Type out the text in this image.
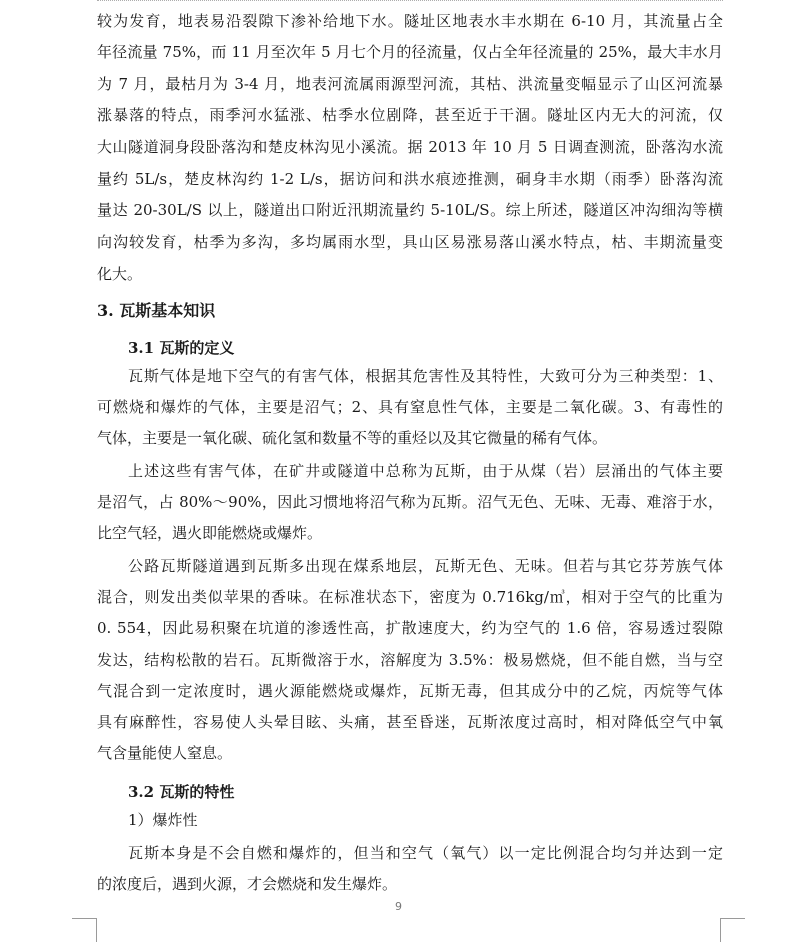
较为发育，地表易沿裂隙下渗补给地下水。隧址区地表水丰水期在 6-10 月，其流量占全
年径流量 75%，而 11 月至次年 5 月七个月的径流量，仅占全年径流量的 25%，最大丰水月
为 7 月，最枯月为 3-4 月，地表河流属雨源型河流，其枯、洪流量变幅显示了山区河流暴
涨暴落的特点，雨季河水猛涨、枯季水位剧降，甚至近于干涸。隧址区内无大的河流，仅
大山隧道洞身段卧落沟和楚皮林沟见小溪流。据 2013 年 10 月 5 日调查测流，卧落沟水流
量约 5L/s，楚皮林沟约 1-2 L/s，据访问和洪水痕迹推测，硐身丰水期（雨季）卧落沟流
量达 20-30L/S 以上，隧道出口附近汛期流量约 5-10L/S。综上所述，隧道区冲沟细沟等横
向沟较发育，枯季为多沟，多均属雨水型，具山区易涨易落山溪水特点，枯、丰期流量变
化大。
3. 瓦斯基本知识
3.1 瓦斯的定义
瓦斯气体是地下空气的有害气体，根据其危害性及其特性，大致可分为三种类型：1、
可燃烧和爆炸的气体，主要是沼气；2、具有窒息性气体，主要是二氧化碳。3、有毒性的
气体，主要是一氧化碳、硫化氢和数量不等的重烃以及其它微量的稀有气体。
上述这些有害气体，在矿井或隧道中总称为瓦斯，由于从煤（岩）层涌出的气体主要
是沼气，占 80%～90%，因此习惯地将沼气称为瓦斯。沼气无色、无味、无毒、难溶于水，
比空气轻，遇火即能燃烧或爆炸。
公路瓦斯隧道遇到瓦斯多出现在煤系地层，瓦斯无色、无味。但若与其它芬芳族气体
混合，则发出类似苹果的香味。在标准状态下，密度为 0.716kg/㎥，相对于空气的比重为
0. 554，因此易积聚在坑道的渗透性高，扩散速度大，约为空气的 1.6 倍，容易透过裂隙
发达，结构松散的岩石。瓦斯微溶于水，溶解度为 3.5%：极易燃烧，但不能自燃，当与空
气混合到一定浓度时，遇火源能燃烧或爆炸，瓦斯无毒，但其成分中的乙烷，丙烷等气体
具有麻醉性，容易使人头晕目眩、头痛，甚至昏迷，瓦斯浓度过高时，相对降低空气中氧
气含量能使人窒息。
3.2 瓦斯的特性
1）爆炸性
瓦斯本身是不会自燃和爆炸的，但当和空气（氧气）以一定比例混合均匀并达到一定
的浓度后，遇到火源，才会燃烧和发生爆炸。
9
